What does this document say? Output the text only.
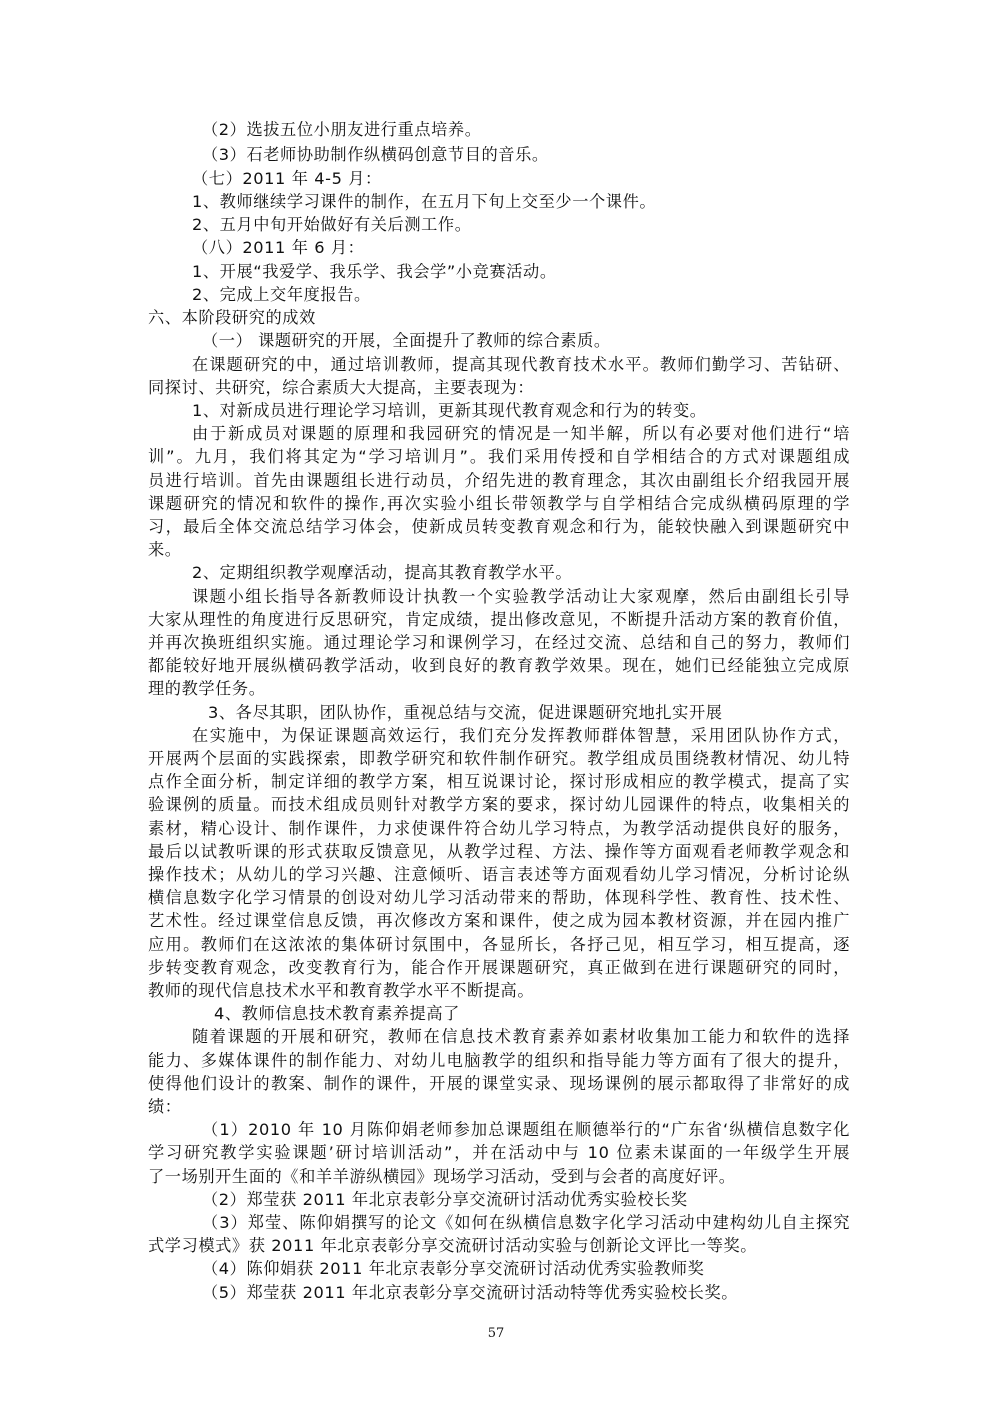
（2）选拔五位小朋友进行重点培养。
（3）石老师协助制作纵横码创意节目的音乐。
（七）2011 年 4-5 月：
1、教师继续学习课件的制作，在五月下旬上交至少一个课件。
2、五月中旬开始做好有关后测工作。
（八）2011 年 6 月：
1、开展“我爱学、我乐学、我会学”小竞赛活动。
2、完成上交年度报告。
六、本阶段研究的成效
（一） 课题研究的开展，全面提升了教师的综合素质。
在课题研究的中，通过培训教师，提高其现代教育技术水平。教师们勤学习、苦钻研、
同探讨、共研究，综合素质大大提高，主要表现为：
1、对新成员进行理论学习培训，更新其现代教育观念和行为的转变。
由于新成员对课题的原理和我园研究的情况是一知半解，所以有必要对他们进行“培
训”。九月，我们将其定为“学习培训月”。我们采用传授和自学相结合的方式对课题组成
员进行培训。首先由课题组长进行动员，介绍先进的教育理念，其次由副组长介绍我园开展
课题研究的情况和软件的操作,再次实验小组长带领教学与自学相结合完成纵横码原理的学
习，最后全体交流总结学习体会，使新成员转变教育观念和行为，能较快融入到课题研究中
来。
2、定期组织教学观摩活动，提高其教育教学水平。
课题小组长指导各新教师设计执教一个实验教学活动让大家观摩，然后由副组长引导
大家从理性的角度进行反思研究，肯定成绩，提出修改意见，不断提升活动方案的教育价值，
并再次换班组织实施。通过理论学习和课例学习，在经过交流、总结和自己的努力，教师们
都能较好地开展纵横码教学活动，收到良好的教育教学效果。现在，她们已经能独立完成原
理的教学任务。
3、各尽其职，团队协作，重视总结与交流，促进课题研究地扎实开展
在实施中，为保证课题高效运行，我们充分发挥教师群体智慧，采用团队协作方式，
开展两个层面的实践探索，即教学研究和软件制作研究。教学组成员围绕教材情况、幼儿特
点作全面分析，制定详细的教学方案，相互说课讨论，探讨形成相应的教学模式，提高了实
验课例的质量。而技术组成员则针对教学方案的要求，探讨幼儿园课件的特点，收集相关的
素材，精心设计、制作课件，力求使课件符合幼儿学习特点，为教学活动提供良好的服务，
最后以试教听课的形式获取反馈意见，从教学过程、方法、操作等方面观看老师教学观念和
操作技术；从幼儿的学习兴趣、注意倾听、语言表述等方面观看幼儿学习情况，分析讨论纵
横信息数字化学习情景的创设对幼儿学习活动带来的帮助，体现科学性、教育性、技术性、
艺术性。经过课堂信息反馈，再次修改方案和课件，使之成为园本教材资源，并在园内推广
应用。教师们在这浓浓的集体研讨氛围中，各显所长，各抒己见，相互学习，相互提高，逐
步转变教育观念，改变教育行为，能合作开展课题研究，真正做到在进行课题研究的同时，
教师的现代信息技术水平和教育教学水平不断提高。
4、教师信息技术教育素养提高了
随着课题的开展和研究，教师在信息技术教育素养如素材收集加工能力和软件的选择
能力、多媒体课件的制作能力、对幼儿电脑教学的组织和指导能力等方面有了很大的提升，
使得他们设计的教案、制作的课件，开展的课堂实录、现场课例的展示都取得了非常好的成
绩：
（1）2010 年 10 月陈仰娟老师参加总课题组在顺德举行的“广东省‘纵横信息数字化
学习研究教学实验课题’研讨培训活动”，并在活动中与 10 位素未谋面的一年级学生开展
了一场别开生面的《和羊羊游纵横园》现场学习活动，受到与会者的高度好评。
（2）郑莹获 2011 年北京表彰分享交流研讨活动优秀实验校长奖
（3）郑莹、陈仰娟撰写的论文《如何在纵横信息数字化学习活动中建构幼儿自主探究
式学习模式》获 2011 年北京表彰分享交流研讨活动实验与创新论文评比一等奖。
（4）陈仰娟获 2011 年北京表彰分享交流研讨活动优秀实验教师奖
（5）郑莹获 2011 年北京表彰分享交流研讨活动特等优秀实验校长奖。
57
